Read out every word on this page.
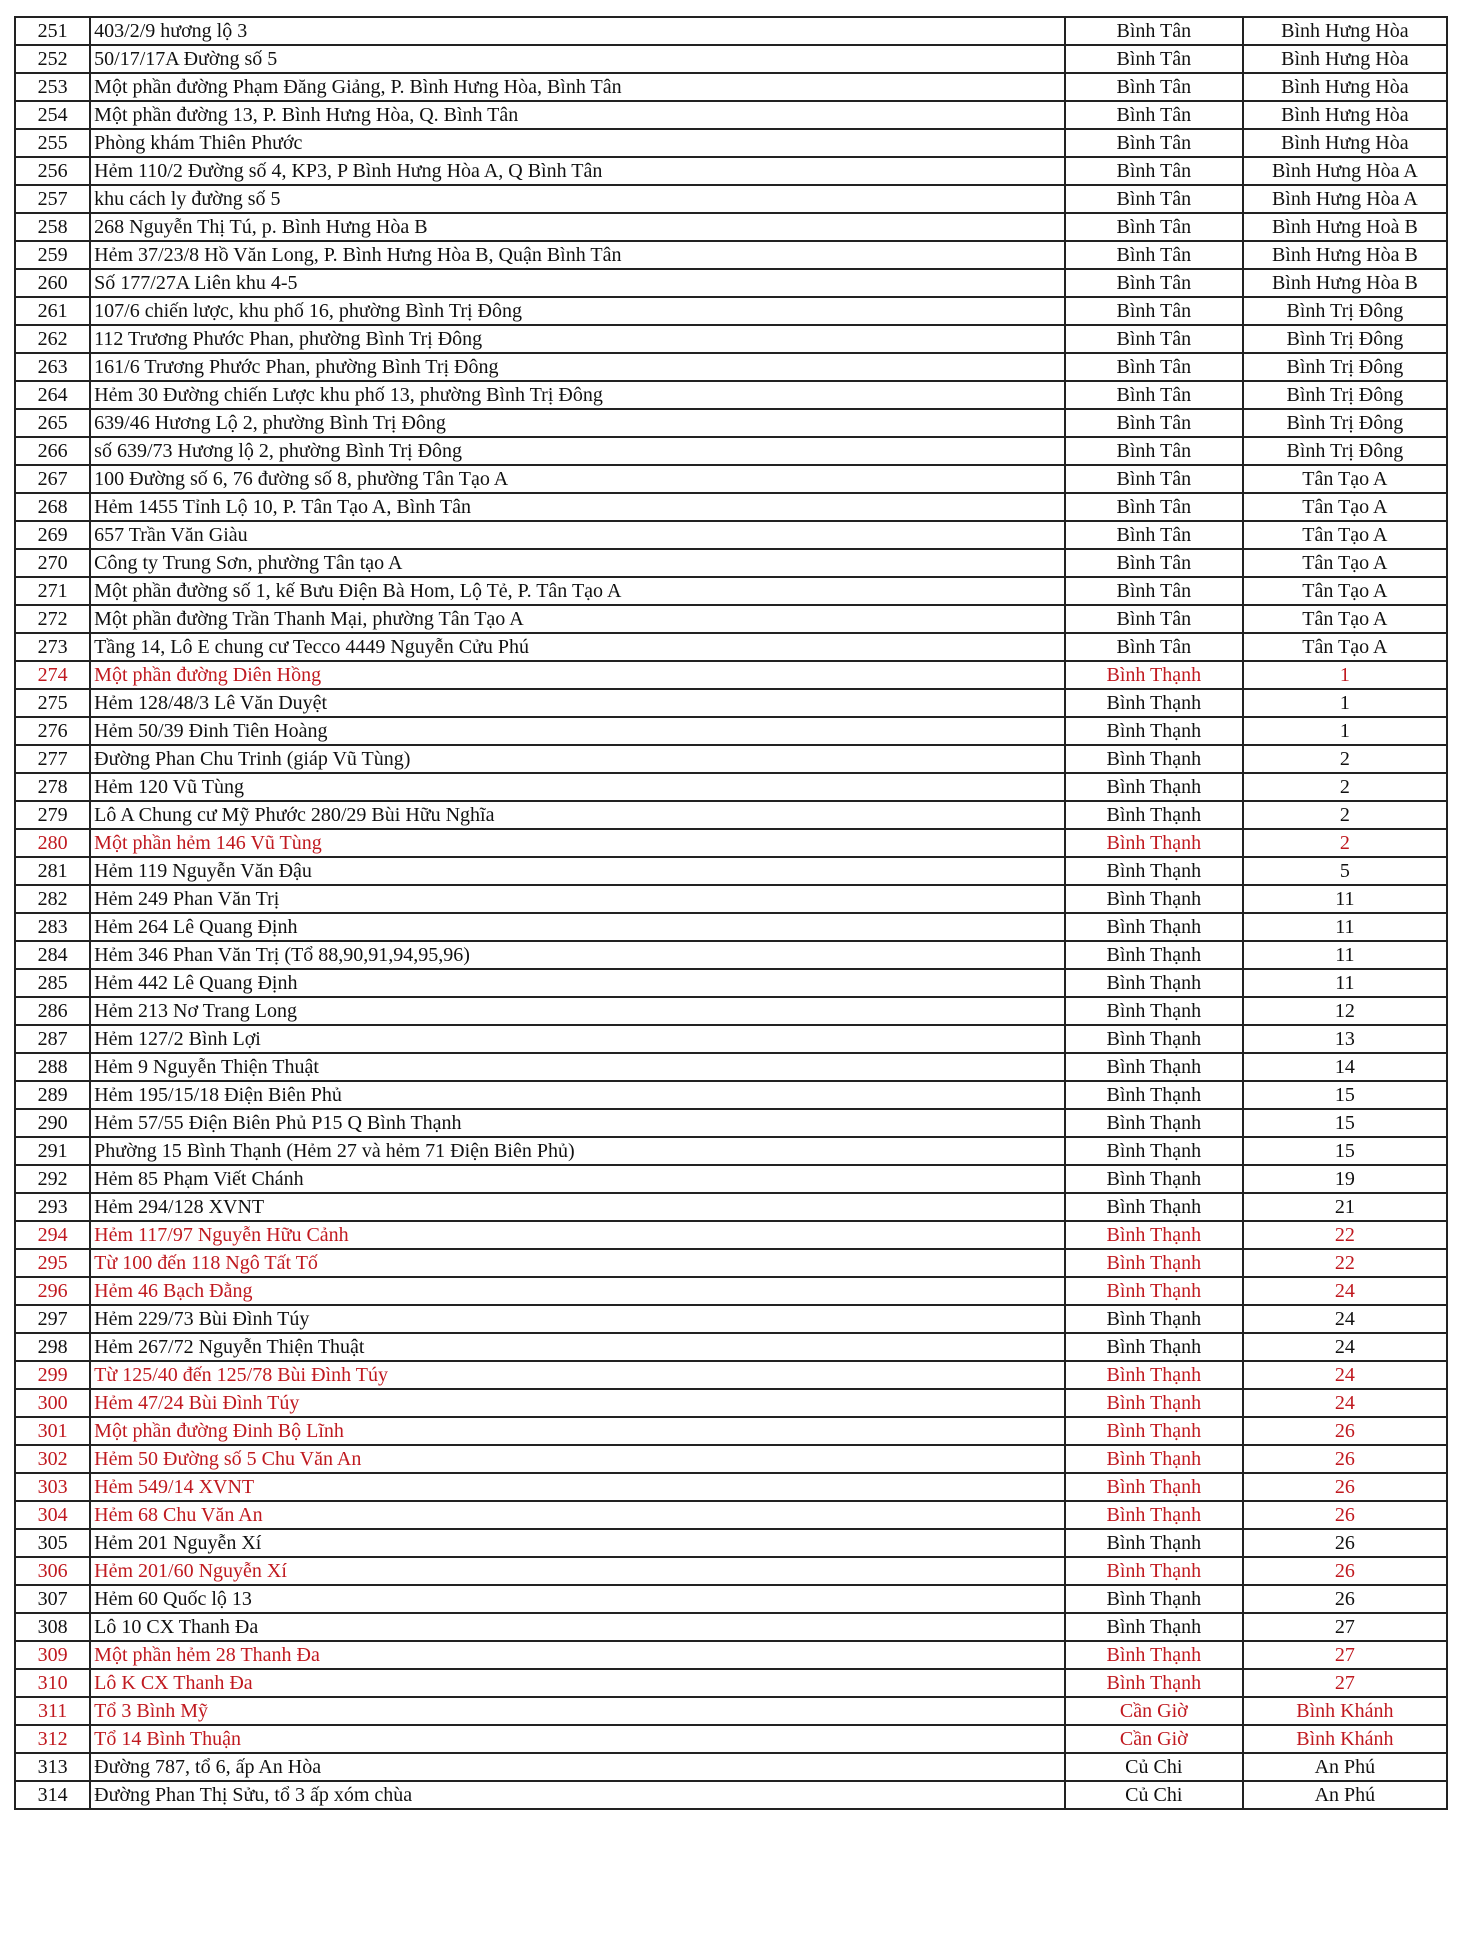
251	403/2/9 hương lộ 3	Bình Tân	Bình Hưng Hòa
252	50/17/17A Đường số 5	Bình Tân	Bình Hưng Hòa
253	Một phần đường Phạm Đăng Giảng, P. Bình Hưng Hòa, Bình Tân	Bình Tân	Bình Hưng Hòa
254	Một phần đường 13, P. Bình Hưng Hòa, Q. Bình Tân	Bình Tân	Bình Hưng Hòa
255	Phòng khám Thiên Phước	Bình Tân	Bình Hưng Hòa
256	Hẻm 110/2 Đường số 4, KP3, P Bình Hưng Hòa A, Q Bình Tân	Bình Tân	Bình Hưng Hòa A
257	khu cách ly đường số 5	Bình Tân	Bình Hưng Hòa A
258	268 Nguyễn Thị Tú, p. Bình Hưng Hòa B	Bình Tân	Bình Hưng Hoà B
259	Hẻm 37/23/8 Hồ Văn Long, P. Bình Hưng Hòa B, Quận Bình Tân	Bình Tân	Bình Hưng Hòa B
260	Số 177/27A Liên khu 4-5	Bình Tân	Bình Hưng Hòa B
261	107/6 chiến lược, khu phố 16, phường Bình Trị Đông	Bình Tân	Bình Trị Đông
262	112 Trương Phước Phan, phường Bình Trị Đông	Bình Tân	Bình Trị Đông
263	161/6 Trương Phước Phan, phường Bình Trị Đông	Bình Tân	Bình Trị Đông
264	Hẻm 30 Đường chiến Lược khu phố 13, phường Bình Trị Đông	Bình Tân	Bình Trị Đông
265	639/46 Hương Lộ 2, phường Bình Trị Đông	Bình Tân	Bình Trị Đông
266	số 639/73 Hương lộ 2, phường Bình Trị Đông	Bình Tân	Bình Trị Đông
267	100 Đường số 6, 76 đường số 8, phường Tân Tạo A	Bình Tân	Tân Tạo A
268	Hẻm 1455 Tỉnh Lộ 10, P. Tân Tạo A, Bình Tân	Bình Tân	Tân Tạo A
269	657 Trần Văn Giàu	Bình Tân	Tân Tạo A
270	Công ty Trung Sơn, phường Tân tạo A	Bình Tân	Tân Tạo A
271	Một phần đường số 1, kế Bưu Điện Bà Hom, Lộ Tẻ, P. Tân Tạo A	Bình Tân	Tân Tạo A
272	Một phần đường Trần Thanh Mại, phường Tân Tạo A	Bình Tân	Tân Tạo A
273	Tầng 14, Lô E chung cư Tecco 4449 Nguyễn Cửu Phú	Bình Tân	Tân Tạo A
274	Một phần đường Diên Hồng	Bình Thạnh	1
275	Hẻm 128/48/3 Lê Văn Duyệt	Bình Thạnh	1
276	Hẻm 50/39 Đinh Tiên Hoàng	Bình Thạnh	1
277	Đường Phan Chu Trinh (giáp Vũ Tùng)	Bình Thạnh	2
278	Hẻm 120 Vũ Tùng	Bình Thạnh	2
279	Lô A Chung cư Mỹ Phước 280/29 Bùi Hữu Nghĩa	Bình Thạnh	2
280	Một phần hẻm 146 Vũ Tùng	Bình Thạnh	2
281	Hẻm 119 Nguyễn Văn Đậu	Bình Thạnh	5
282	Hẻm 249 Phan Văn Trị	Bình Thạnh	11
283	Hẻm 264 Lê Quang Định	Bình Thạnh	11
284	Hẻm 346 Phan Văn Trị (Tổ 88,90,91,94,95,96)	Bình Thạnh	11
285	Hẻm 442 Lê Quang Định	Bình Thạnh	11
286	Hẻm 213 Nơ Trang Long	Bình Thạnh	12
287	Hẻm 127/2 Bình Lợi	Bình Thạnh	13
288	Hẻm 9 Nguyễn Thiện Thuật	Bình Thạnh	14
289	Hẻm 195/15/18 Điện Biên Phủ	Bình Thạnh	15
290	Hẻm 57/55 Điện Biên Phủ P15 Q Bình Thạnh	Bình Thạnh	15
291	Phường 15 Bình Thạnh (Hẻm 27 và hẻm 71 Điện Biên Phủ)	Bình Thạnh	15
292	Hẻm 85 Phạm Viết Chánh	Bình Thạnh	19
293	Hẻm 294/128 XVNT	Bình Thạnh	21
294	Hẻm 117/97 Nguyễn Hữu Cảnh	Bình Thạnh	22
295	Từ 100 đến 118 Ngô Tất Tố	Bình Thạnh	22
296	Hẻm 46 Bạch Đằng	Bình Thạnh	24
297	Hẻm 229/73 Bùi Đình Túy	Bình Thạnh	24
298	Hẻm 267/72 Nguyễn Thiện Thuật	Bình Thạnh	24
299	Từ 125/40 đến 125/78 Bùi Đình Túy	Bình Thạnh	24
300	Hẻm 47/24 Bùi Đình Túy	Bình Thạnh	24
301	Một phần đường Đinh Bộ Lĩnh	Bình Thạnh	26
302	Hẻm 50 Đường số 5 Chu Văn An	Bình Thạnh	26
303	Hẻm 549/14 XVNT	Bình Thạnh	26
304	Hẻm 68 Chu Văn An	Bình Thạnh	26
305	Hẻm 201 Nguyễn Xí	Bình Thạnh	26
306	Hẻm 201/60 Nguyễn Xí	Bình Thạnh	26
307	Hẻm 60 Quốc lộ 13	Bình Thạnh	26
308	Lô 10 CX Thanh Đa	Bình Thạnh	27
309	Một phần hẻm 28 Thanh Đa	Bình Thạnh	27
310	Lô K CX Thanh Đa	Bình Thạnh	27
311	Tổ 3 Bình Mỹ	Cần Giờ	Bình Khánh
312	Tổ 14 Bình Thuận	Cần Giờ	Bình Khánh
313	Đường 787, tổ 6, ấp An Hòa	Củ Chi	An Phú
314	Đường Phan Thị Sửu, tổ 3 ấp xóm chùa	Củ Chi	An Phú
